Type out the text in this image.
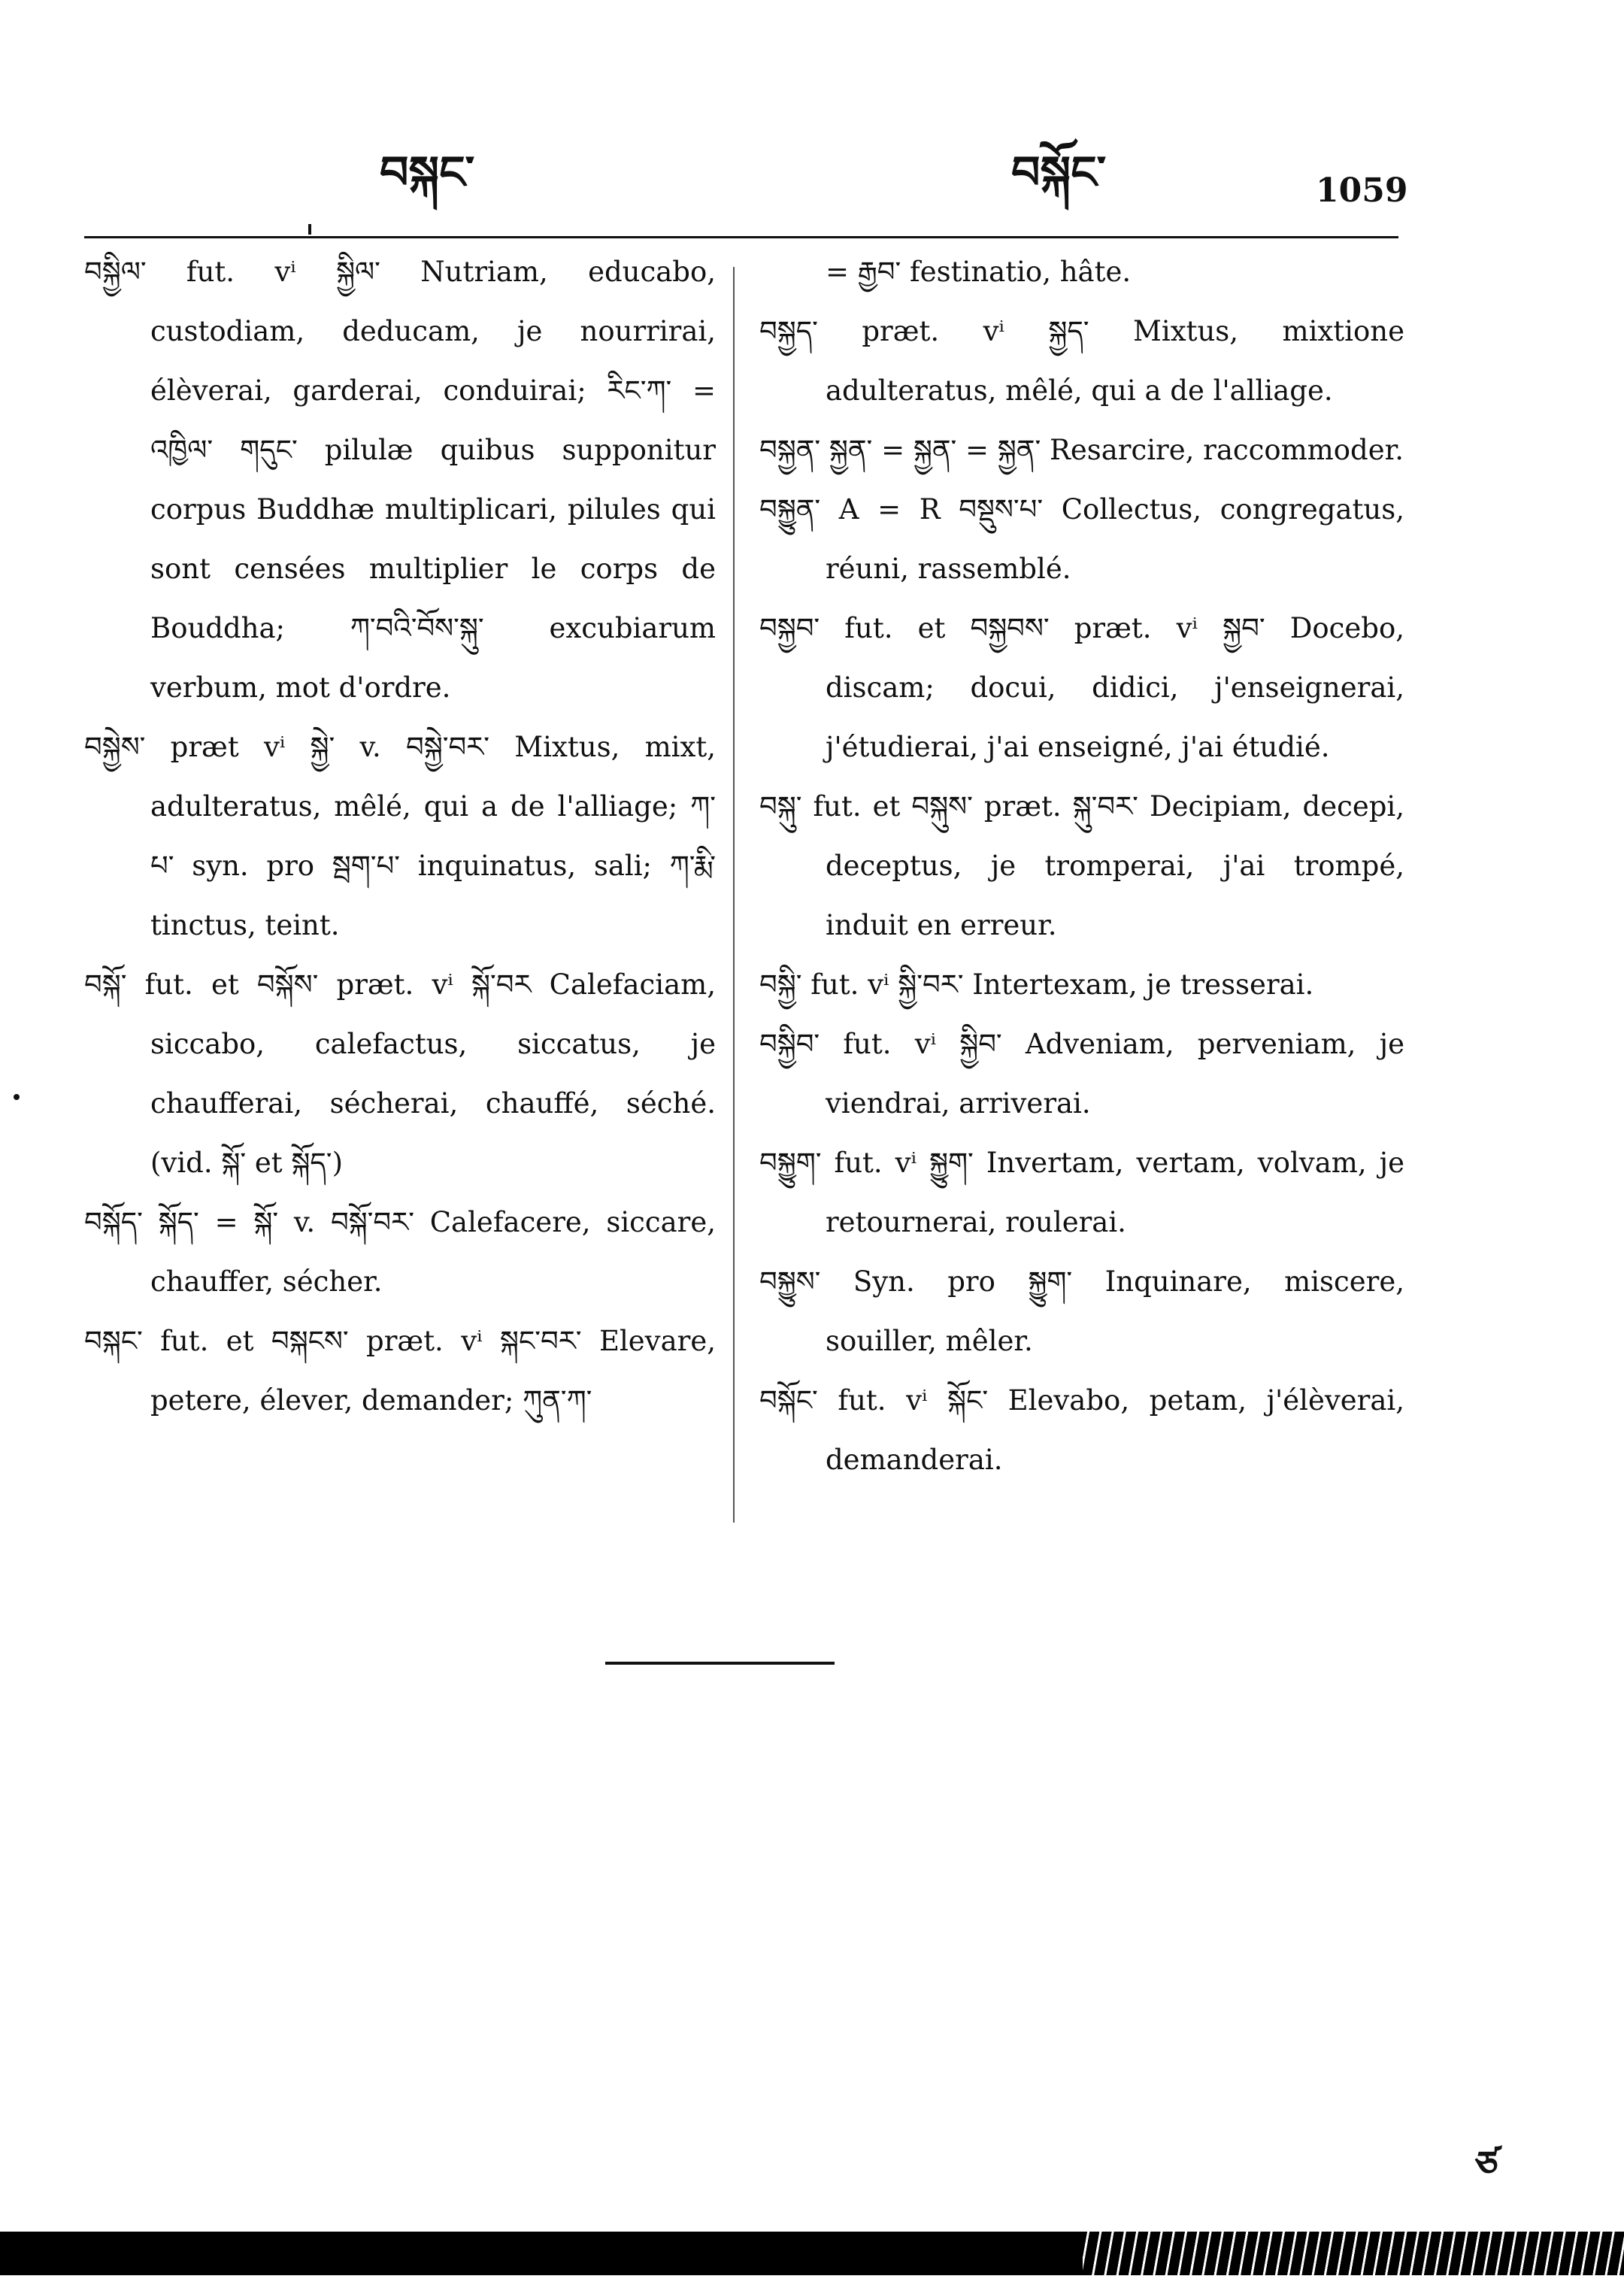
བསྐང་	བསྐོང་	1059

བསྐྱིལ་ fut. vⁱ སྐྱིལ་ Nutriam, educabo, custodiam, deducam, je nourrirai, élèverai, garderai, conduirai; རིང་ཀ་ = འཁྱིལ་ གདུང་ pilulæ quibus supponitur corpus Buddhæ multiplicari, pilules qui sont censées multiplier le corps de Bouddha; ཀ་བའི་བོས་སྐུ་ excubiarum verbum, mot d'ordre.

བསྐྱེས་ præt vⁱ སྐྱེ་ v. བསྐྱེ་བར་ Mixtus, mixt, adulteratus, mêlé, qui a de l'alliage; ཀ་པ་ syn. pro སྦག་པ་ inquinatus, sali; ཀ་རྨི་ tinctus, teint.

བསྐོ་ fut. et བསྐོས་ præt. vⁱ སྐོ་བར Calefaciam, siccabo, calefactus, siccatus, je chaufferai, sécherai, chauffé, séché. (vid. སྐོ་ et སྐོད་)

བསྐོད་ སྐོད་ = སྐོ་ v. བསྐོ་བར་ Calefacere, siccare, chauffer, sécher.

བསྐང་ fut. et བསྐངས་ præt. vⁱ སྐང་བར་ Elevare, petere, élever, demander; ཀུན་ཀ་

= རྒྱབ་ festinatio, hâte.

བསྐྱད་ præt. vⁱ སྐྱད་ Mixtus, mixtione adulteratus, mêlé, qui a de l'alliage.

བསྐྱན་ སྐྱན་ = སྐྱན་ = སྐྱན་ Resarcire, raccommoder.

བསྐྱུན་ A = R བསྡུས་པ་ Collectus, congregatus, réuni, rassemblé.

བསྐྱབ་ fut. et བསྐྱབས་ præt. vⁱ སྐྱབ་ Docebo, discam; docui, didici, j'enseignerai, j'étudierai, j'ai enseigné, j'ai étudié.

བསྐུ་ fut. et བསྐུས་ præt. སྐུ་བར་ Decipiam, decepi, deceptus, je tromperai, j'ai trompé, induit en erreur.

བསྐྱི་ fut. vⁱ སྐྱི་བར་ Intertexam, je tresserai.

བསྐྱིབ་ fut. vⁱ སྐྱིབ་ Adveniam, perveniam, je viendrai, arriverai.

བསྐྱུག་ fut. vⁱ སྐྱུག་ Invertam, vertam, volvam, je retournerai, roulerai.

བསྐྱུས་ Syn. pro སྐྱུག་ Inquinare, miscere, souiller, mêler.

བསྐོང་ fut. vⁱ སྐོང་ Elevabo, petam, j'élèverai, demanderai.

ཙ
